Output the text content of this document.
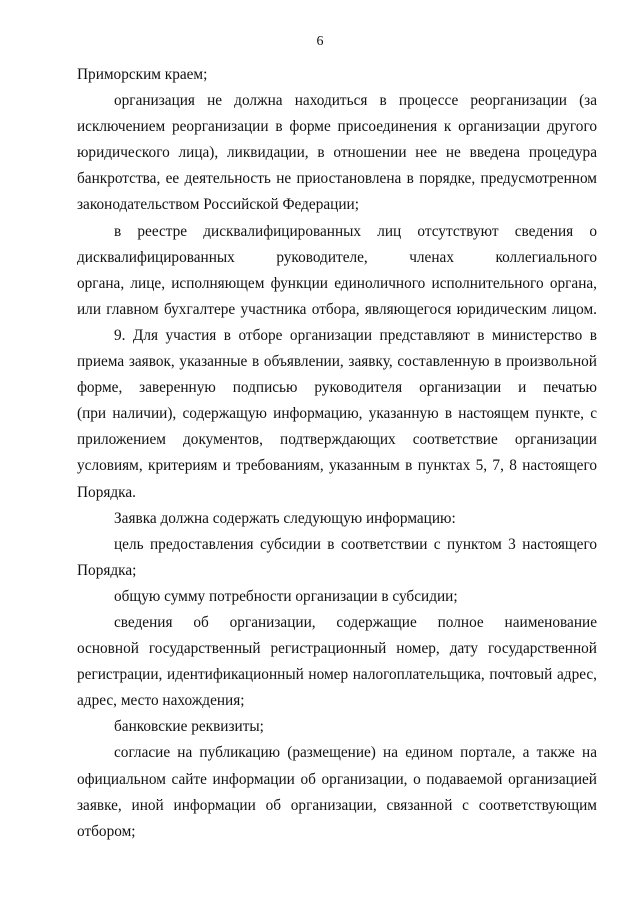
6
Приморским краем;
организация не должна находиться в процессе реорганизации (за
исключением реорганизации в форме присоединения к организации другого
юридического лица), ликвидации, в отношении нее не введена процедура
банкротства, ее деятельность не приостановлена в порядке, предусмотренном
законодательством Российской Федерации;
в реестре дисквалифицированных лиц отсутствуют сведения о
дисквалифицированных руководителе, членах коллегиального
органа, лице, исполняющем функции единоличного исполнительного органа,
или главном бухгалтере участника отбора, являющегося юридическим лицом.
9. Для участия в отборе организации представляют в министерство в
приема заявок, указанные в объявлении, заявку, составленную в произвольной
форме, заверенную подписью руководителя организации и печатью
(при наличии), содержащую информацию, указанную в настоящем пункте, с
приложением документов, подтверждающих соответствие организации
условиям, критериям и требованиям, указанным в пунктах 5, 7, 8 настоящего
Порядка.
Заявка должна содержать следующую информацию:
цель предоставления субсидии в соответствии с пунктом 3 настоящего
Порядка;
общую сумму потребности организации в субсидии;
сведения об организации, содержащие полное наименование
основной государственный регистрационный номер, дату государственной
регистрации, идентификационный номер налогоплательщика, почтовый адрес,
адрес, место нахождения;
банковские реквизиты;
согласие на публикацию (размещение) на едином портале, а также на
официальном сайте информации об организации, о подаваемой организацией
заявке, иной информации об организации, связанной с соответствующим
отбором;
